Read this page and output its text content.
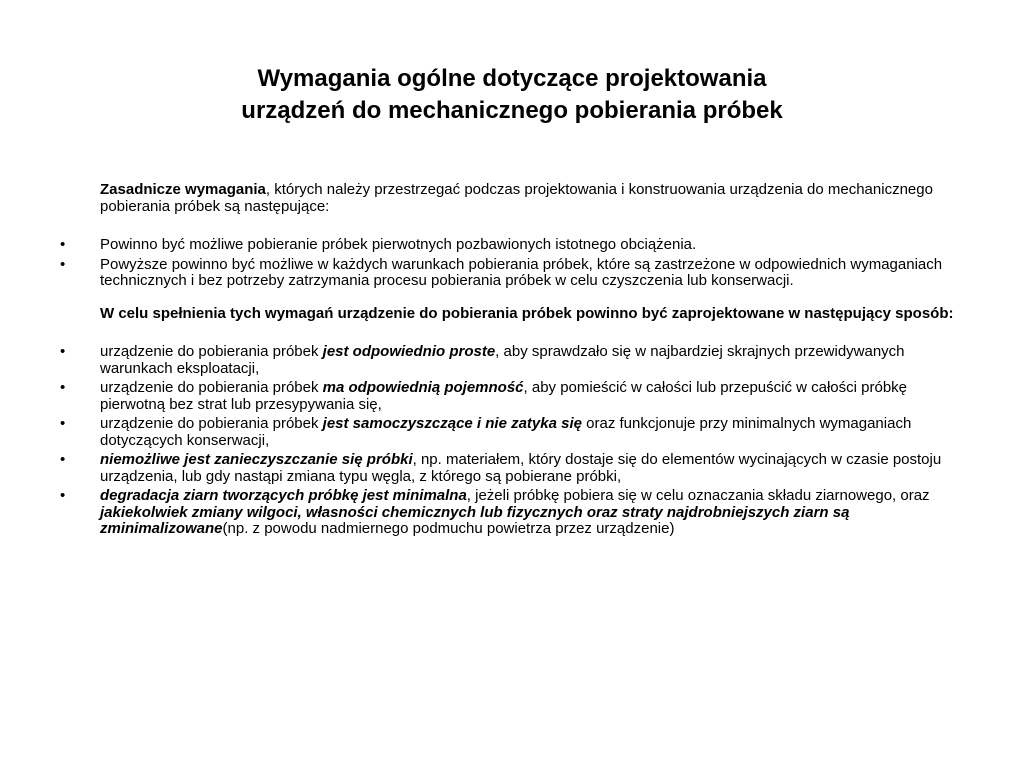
Wymagania ogólne dotyczące projektowania
urządzeń do mechanicznego pobierania próbek

Zasadnicze wymagania, których należy przestrzegać podczas projektowania i konstruowania urządzenia do mechanicznego pobierania próbek są następujące:

•	Powinno być możliwe pobieranie próbek pierwotnych pozbawionych istotnego obciążenia.
•	Powyższe powinno być możliwe w każdych warunkach pobierania próbek, które są zastrzeżone w odpowiednich wymaganiach technicznych i bez potrzeby zatrzymania procesu pobierania próbek w celu czyszczenia lub konserwacji.

W celu spełnienia tych wymagań urządzenie do pobierania próbek powinno być zaprojektowane w następujący sposób:

•	urządzenie do pobierania próbek jest odpowiednio proste, aby sprawdzało się w najbardziej skrajnych przewidywanych warunkach eksploatacji,
•	urządzenie do pobierania próbek ma odpowiednią pojemność, aby pomieścić w całości lub przepuścić w całości próbkę pierwotną bez strat lub przesypywania się,
•	urządzenie do pobierania próbek jest samoczyszczące i nie zatyka się oraz funkcjonuje przy minimalnych wymaganiach dotyczących konserwacji,
•	niemożliwe jest zanieczyszczanie się próbki, np. materiałem, który dostaje się do elementów wycinających w czasie postoju urządzenia, lub gdy nastąpi zmiana typu węgla, z którego są pobierane próbki,
•	degradacja ziarn tworzących próbkę jest minimalna, jeżeli próbkę pobiera się w celu oznaczania składu ziarnowego, oraz jakiekolwiek zmiany wilgoci, własności chemicznych lub fizycznych oraz straty najdrobniejszych ziarn są zminimalizowane(np. z powodu nadmiernego podmuchu powietrza przez urządzenie)
